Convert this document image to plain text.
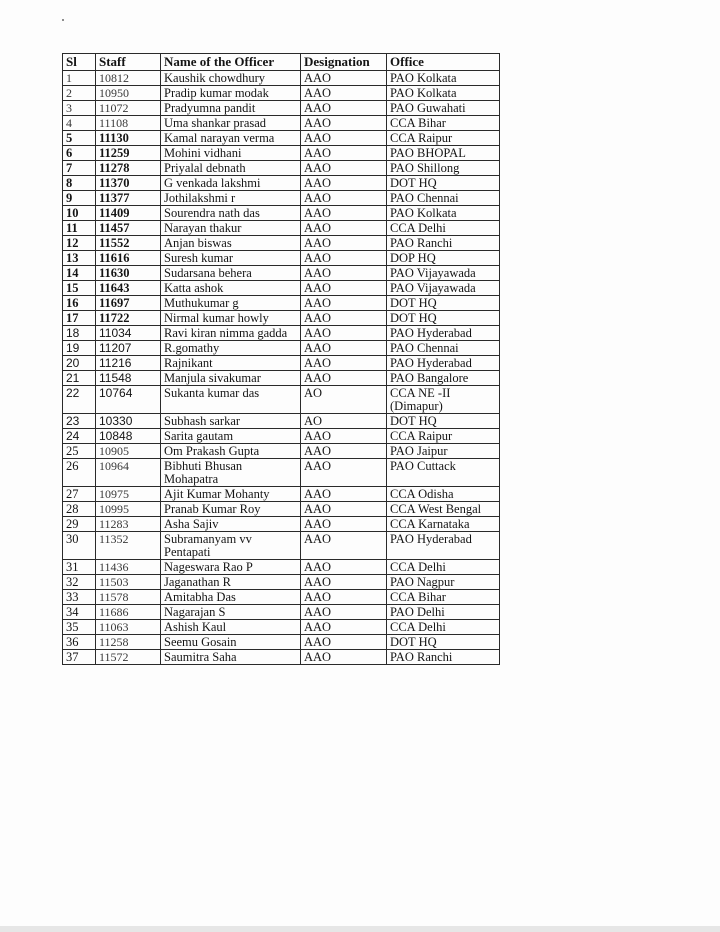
Sl	Staff	Name of the Officer	Designation	Office
1	10812	Kaushik chowdhury	AAO	PAO Kolkata
2	10950	Pradip kumar modak	AAO	PAO Kolkata
3	11072	Pradyumna pandit	AAO	PAO Guwahati
4	11108	Uma shankar prasad	AAO	CCA Bihar
5	11130	Kamal narayan verma	AAO	CCA Raipur
6	11259	Mohini vidhani	AAO	PAO BHOPAL
7	11278	Priyalal debnath	AAO	PAO Shillong
8	11370	G venkada lakshmi	AAO	DOT HQ
9	11377	Jothilakshmi r	AAO	PAO Chennai
10	11409	Sourendra nath das	AAO	PAO Kolkata
11	11457	Narayan thakur	AAO	CCA Delhi
12	11552	Anjan biswas	AAO	PAO Ranchi
13	11616	Suresh kumar	AAO	DOP HQ
14	11630	Sudarsana behera	AAO	PAO Vijayawada
15	11643	Katta ashok	AAO	PAO Vijayawada
16	11697	Muthukumar g	AAO	DOT HQ
17	11722	Nirmal kumar howly	AAO	DOT HQ
18	11034	Ravi kiran nimma gadda	AAO	PAO Hyderabad
19	11207	R.gomathy	AAO	PAO Chennai
20	11216	Rajnikant	AAO	PAO Hyderabad
21	11548	Manjula sivakumar	AAO	PAO Bangalore
22	10764	Sukanta kumar das	AO	CCA NE -II (Dimapur)
23	10330	Subhash sarkar	AO	DOT HQ
24	10848	Sarita gautam	AAO	CCA Raipur
25	10905	Om Prakash Gupta	AAO	PAO Jaipur
26	10964	Bibhuti Bhusan Mohapatra	AAO	PAO Cuttack
27	10975	Ajit Kumar Mohanty	AAO	CCA Odisha
28	10995	Pranab Kumar Roy	AAO	CCA West Bengal
29	11283	Asha Sajiv	AAO	CCA Karnataka
30	11352	Subramanyam vv Pentapati	AAO	PAO Hyderabad
31	11436	Nageswara Rao P	AAO	CCA Delhi
32	11503	Jaganathan R	AAO	PAO Nagpur
33	11578	Amitabha Das	AAO	CCA Bihar
34	11686	Nagarajan S	AAO	PAO Delhi
35	11063	Ashish Kaul	AAO	CCA Delhi
36	11258	Seemu Gosain	AAO	DOT HQ
37	11572	Saumitra Saha	AAO	PAO Ranchi
